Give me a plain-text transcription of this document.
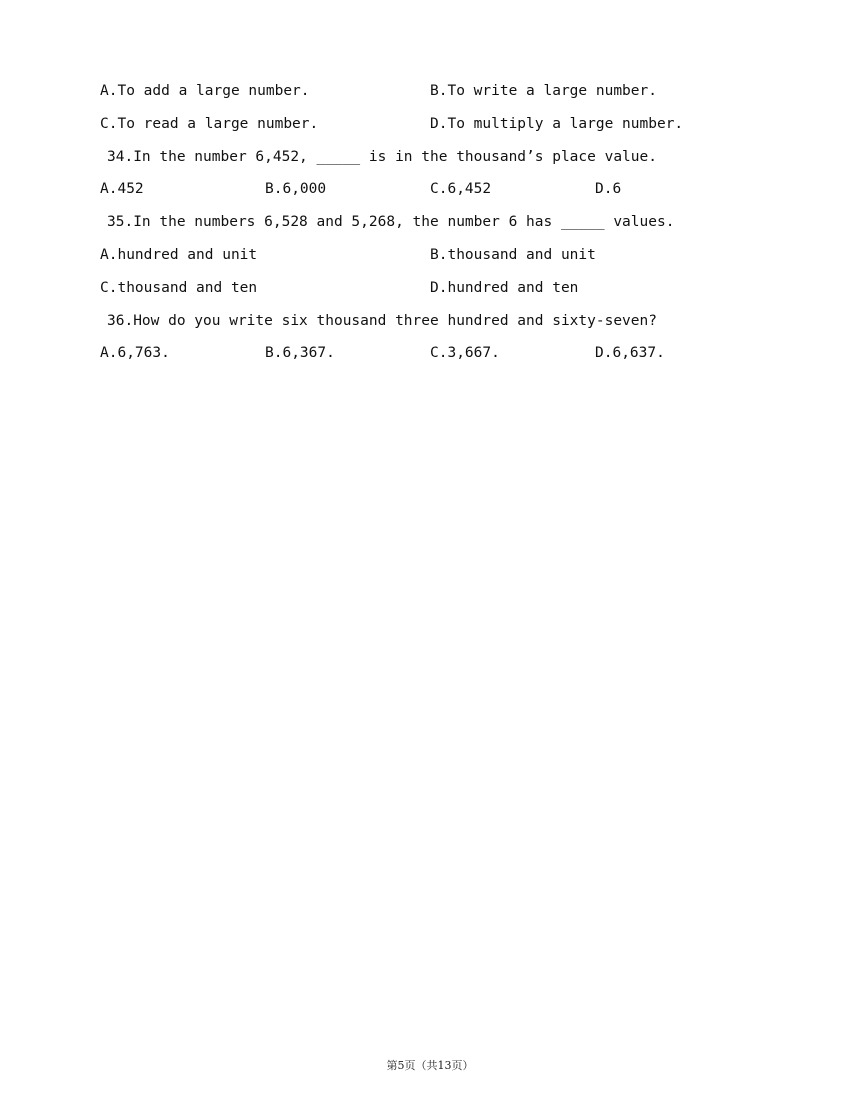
A.To add a large number.

	B.To write a large number.

C.To read a large number.

	D.To multiply a large number.

34.In the number 6,452, _____ is in the thousand’s place value.

A.452

	B.6,000

	C.6,452

	D.6

35.In the numbers 6,528 and 5,268, the number 6 has _____ values.

A.hundred and unit

	B.thousand and unit

C.thousand and ten

	D.hundred and ten

36.How do you write six thousand three hundred and sixty-seven?

A.6,763.

	B.6,367.

	C.3,667.

	D.6,637.

第5页（共13页）
